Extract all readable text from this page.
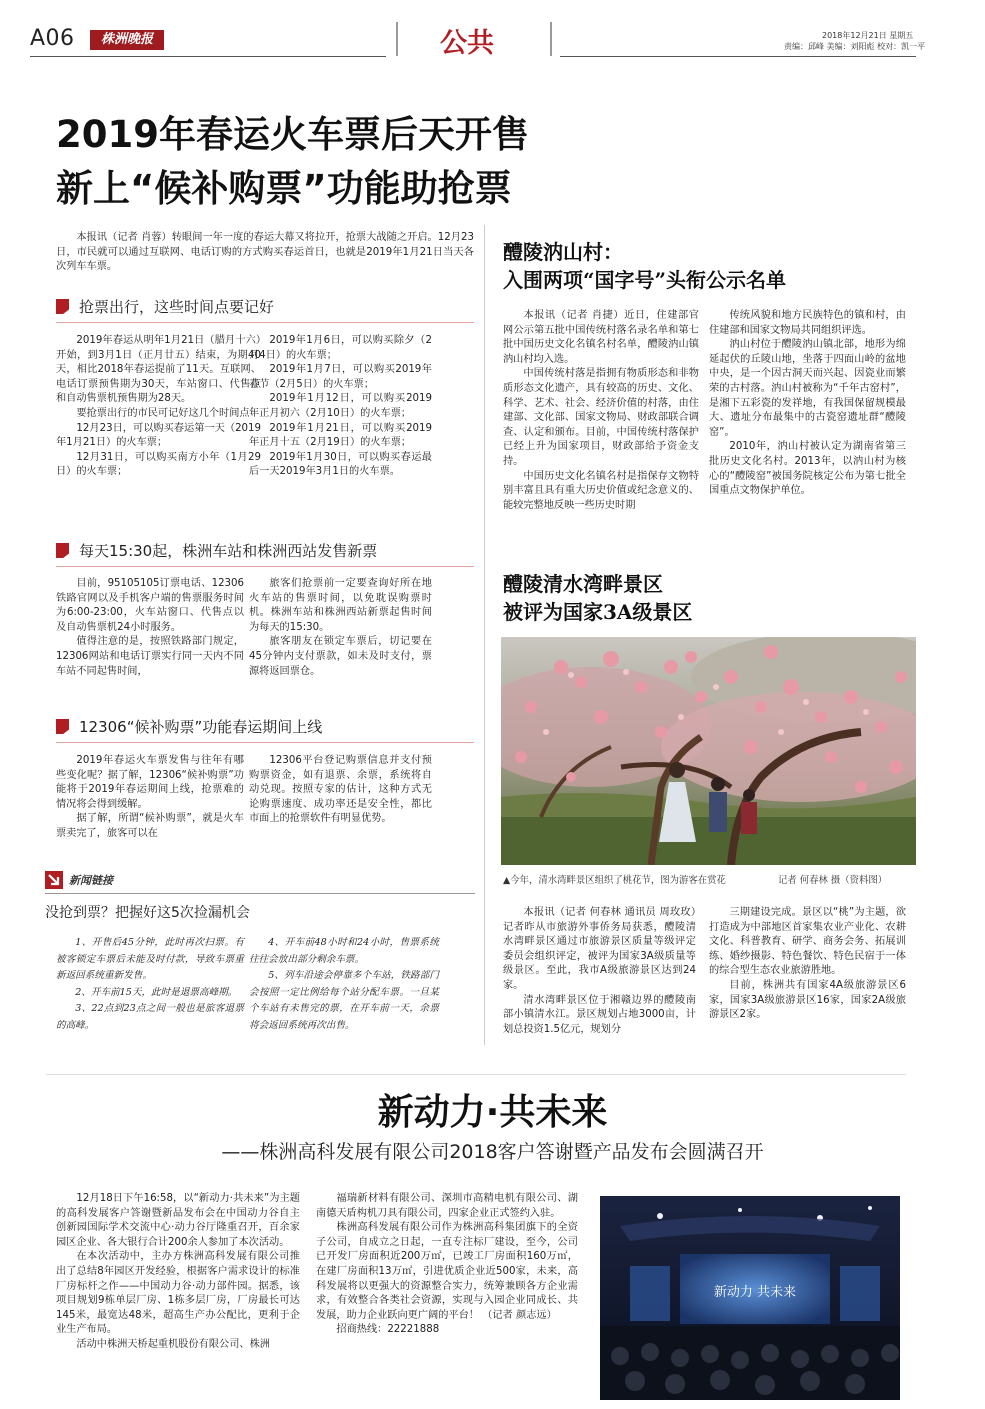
A06	株洲晚报	公共	2018年12月21日 星期五
责编：邱峰 美编：刘阳彪 校对：凯一平
2019年春运火车票后天开售
新上“候补购票”功能助抢票

本报讯（记者 肖蓉）转眼间一年一度的春运大幕又将拉开，抢票大战随之开启。12月23日，市民就可以通过互联网、电话订购的方式购买春运首日，也就是2019年1月21日当天各次列车车票。

抢票出行，这些时间点要记好

2019年春运从明年1月21日（腊月十六）开始，到3月1日（正月廿五）结束，为期40天，相比2018年春运提前了11天。互联网、电话订票预售期为30天，车站窗口、代售点和自动售票机预售期为28天。

要抢票出行的市民可记好这几个时间点：

12月23日，可以购买春运第一天（2019年1月21日）的火车票；

12月31日，可以购买南方小年（1月29日）的火车票；

2019年1月6日，可以购买除夕（2月4日）的火车票；

2019年1月7日，可以购买2019年春节（2月5日）的火车票；

2019年1月12日，可以购买2019年正月初六（2月10日）的火车票；

2019年1月21日，可以购买2019年正月十五（2月19日）的火车票；

2019年1月30日，可以购买春运最后一天2019年3月1日的火车票。

每天15:30起，株洲车站和株洲西站发售新票

目前，95105105订票电话、12306铁路官网以及手机客户端的售票服务时间为6:00-23:00，火车站窗口、代售点以及自动售票机24小时服务。

值得注意的是，按照铁路部门规定，12306网站和电话订票实行同一天内不同车站不同起售时间，

旅客们抢票前一定要查询好所在地火车站的售票时间，以免耽误购票时机。株洲车站和株洲西站新票起售时间为每天的15:30。

旅客朋友在锁定车票后，切记要在45分钟内支付票款，如未及时支付，票源将返回票仓。

12306“候补购票”功能春运期间上线

2019年春运火车票发售与往年有哪些变化呢？据了解，12306“候补购票”功能将于2019年春运期间上线，抢票难的情况将会得到缓解。

据了解，所谓“候补购票”，就是火车票卖完了，旅客可以在

12306平台登记购票信息并支付预购票资金，如有退票、余票，系统将自动兑现。按照专家的估计，这种方式无论购票速度、成功率还是安全性，都比市面上的抢票软件有明显优势。

新闻链接
没抢到票？把握好这5次捡漏机会

1、开售后45分钟，此时再次扫票。有被客锁定车票后未能及时付款，导致车票重新返回系统重新发售。

2、开车前15天，此时是退票高峰期。

3、22点到23点之间一般也是旅客退票的高峰。

4、开车前48小时和24小时，售票系统往往会放出部分剩余车票。

5、列车沿途会停靠多个车站，铁路部门会按照一定比例给每个站分配车票。一旦某个车站有未售完的票，在开车前一天，余票将会返回系统再次出售。

醴陵汭山村：
入围两项“国字号”头衔公示名单

本报讯（记者 肖捷）近日，住建部官网公示第五批中国传统村落名录名单和第七批中国历史文化名镇名村名单，醴陵汭山镇汭山村均入选。

中国传统村落是指拥有物质形态和非物质形态文化遗产，具有较高的历史、文化、科学、艺术、社会、经济价值的村落，由住建部、文化部、国家文物局、财政部联合调查、认定和颁布。目前，中国传统村落保护已经上升为国家项目，财政部给予资金支持。

中国历史文化名镇名村是指保存文物特别丰富且具有重大历史价值或纪念意义的、能较完整地反映一些历史时期

传统风貌和地方民族特色的镇和村，由住建部和国家文物局共同组织评选。

汭山村位于醴陵汭山镇北部，地形为绵延起伏的丘陵山地，坐落于四面山岭的盆地中央，是一个因古洞天而兴起、因瓷业而繁荣的古村落。汭山村被称为“千年古窑村”，是湘下五彩瓷的发祥地，有我国保留规模最大、遗址分布最集中的古瓷窑遗址群“醴陵窑”。

2010年，汭山村被认定为湖南省第三批历史文化名村。2013年，以汭山村为核心的“醴陵窑”被国务院核定公布为第七批全国重点文物保护单位。

醴陵清水湾畔景区
被评为国家3A级景区
▲今年，清水湾畔景区组织了桃花节，图为游客在赏花	记者 何春林 摄（资料图）

本报讯（记者 何春林 通讯员 周玫玫）记者昨从市旅游外事侨务局获悉，醴陵清水湾畔景区通过市旅游景区质量等级评定委员会组织评定，被评为国家3A级质量等级景区。至此，我市A级旅游景区达到24家。

清水湾畔景区位于湘赣边界的醴陵南部小镇清水江。景区规划占地3000亩，计划总投资1.5亿元，规划分

三期建设完成。景区以“桃”为主题，欲打造成为中部地区首家集农业产业化、农耕文化、科普教育、研学、商务会务、拓展训练、婚纱摄影、特色餐饮、特色民宿于一体的综合型生态农业旅游胜地。

目前，株洲共有国家4A级旅游景区6家，国家3A级旅游景区16家，国家2A级旅游景区2家。

新动力·共未来
——株洲高科发展有限公司2018客户答谢暨产品发布会圆满召开

12月18日下午16:58，以“新动力·共未来”为主题的高科发展客户答谢暨新品发布会在中国动力谷自主创新园国际学术交流中心·动力谷厅隆重召开，百余家园区企业、各大银行合计200余人参加了本次活动。

在本次活动中，主办方株洲高科发展有限公司推出了总结8年园区开发经验，根据客户需求设计的标准厂房标杆之作——中国动力谷·动力部件园。据悉，该项目规划9栋单层厂房、1栋多层厂房，厂房最长可达145米，最宽达48米，超高生产办公配比，更利于企业生产布局。

活动中株洲天桥起重机股份有限公司、株洲

福瑞新材料有限公司、深圳市高精电机有限公司、湖南德天盾构机刀具有限公司，四家企业正式签约入驻。

株洲高科发展有限公司作为株洲高科集团旗下的全资子公司，自成立之日起，一直专注标厂建设，至今，公司已开发厂房面积近200万㎡，已竣工厂房面积160万㎡，在建厂房面积13万㎡，引进优质企业近500家，未来，高科发展将以更强大的资源整合实力，统筹兼顾各方企业需求，有效整合各类社会资源，实现与入园企业同成长、共发展，助力企业跃向更广阔的平台！ （记者 颜志远）

招商热线：22221888

新动力 共未来
